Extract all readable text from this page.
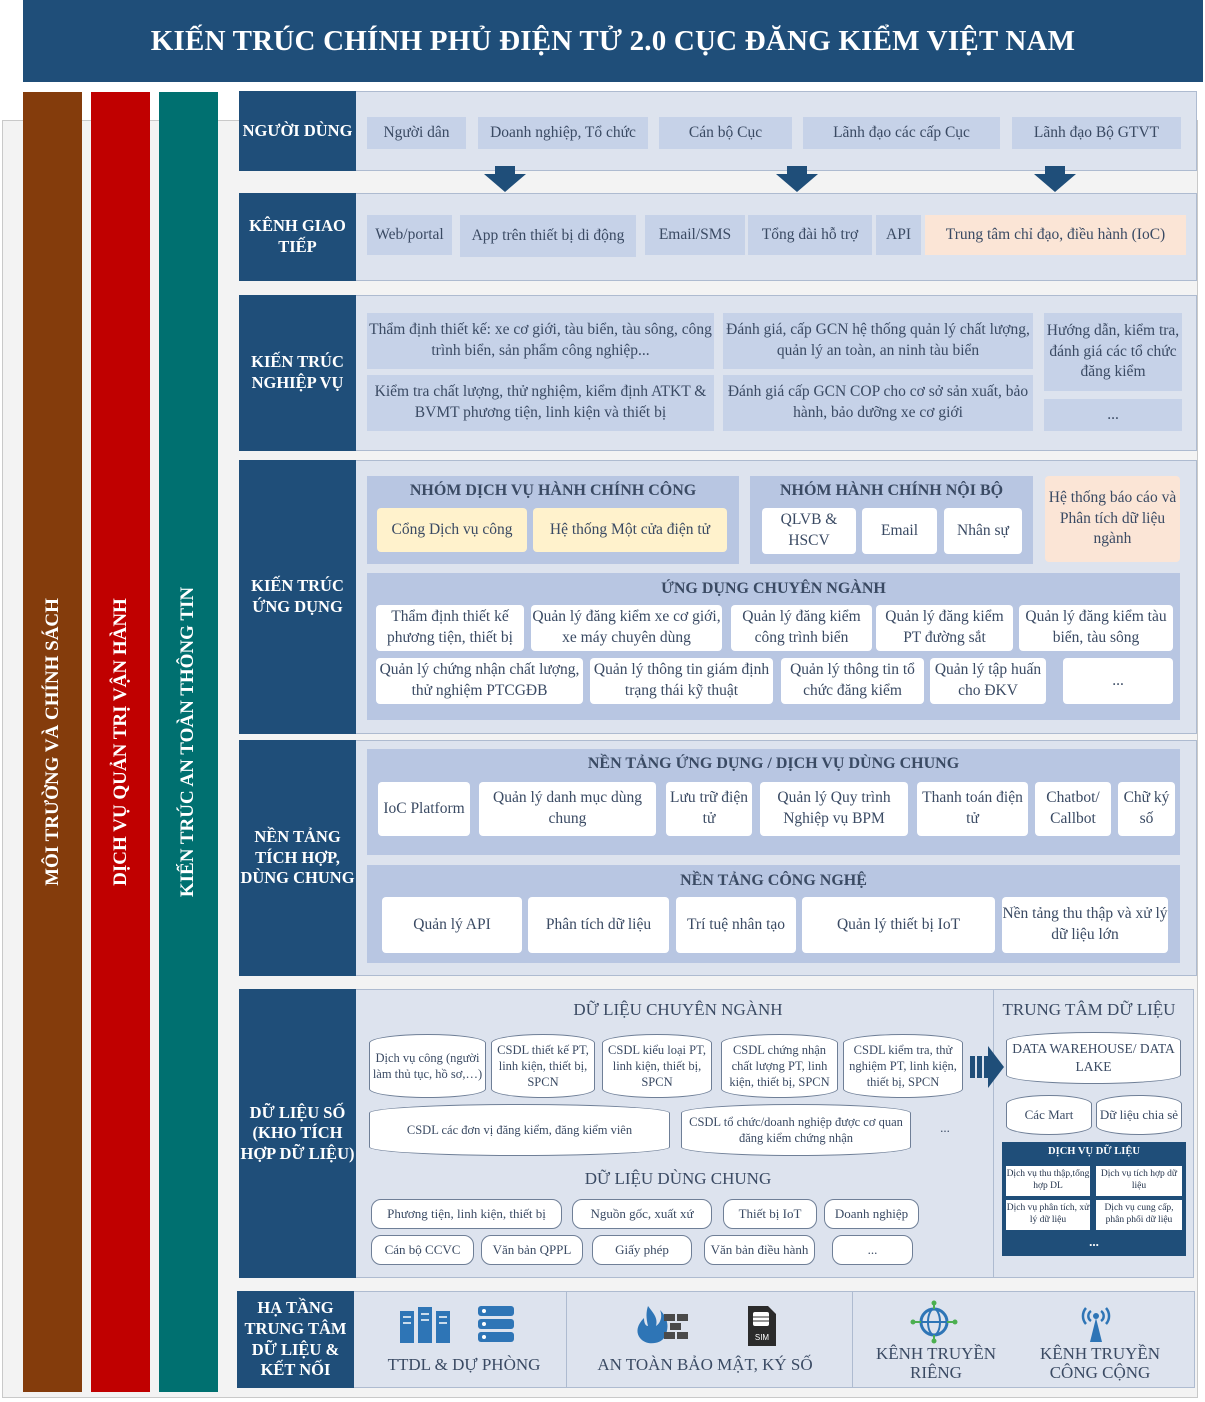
KIẾN TRÚC CHÍNH PHỦ ĐIỆN TỬ 2.0 CỤC ĐĂNG KIỂM VIỆT NAM
MÔI TRƯỜNG VÀ CHÍNH SÁCH DỊCH VỤ QUẢN TRỊ VẬN HÀNH KIẾN TRÚC AN TOÀN THÔNG TIN
NGƯỜI DÙNG	Người dân	Doanh nghiệp, Tổ chức	Cán bộ Cục	Lãnh đạo các cấp Cục	Lãnh đạo Bộ GTVT
KÊNH GIAO TIẾP
Web/portal	App trên thiết bị di động	Email/SMS	Tổng đài hỗ trợ	API	Trung tâm chỉ đạo, điều hành (IoC)
KIẾN TRÚC NGHIỆP VỤ
Thẩm định thiết kế: xe cơ giới, tàu biển, tàu sông, công trình biển, sản phẩm công nghiệp...
Đánh giá, cấp GCN hệ thống quản lý chất lượng, quản lý an toàn, an ninh tàu biển
Hướng dẫn, kiểm tra, đánh giá các tổ chức đăng kiểm
Kiểm tra chất lượng, thử nghiệm, kiểm định ATKT & BVMT phương tiện, linh kiện và thiết bị
Đánh giá cấp GCN COP cho cơ sở sản xuất, bảo hành, bảo dưỡng xe cơ giới	...
KIẾN TRÚC ỨNG DỤNG
NHÓM DỊCH VỤ HÀNH CHÍNH CÔNG
Cổng Dịch vụ công	Hệ thống Một cửa điện tử
NHÓM HÀNH CHÍNH NỘI BỘ
QLVB & HSCV
Email	Nhân sự
Hệ thống báo cáo và Phân tích dữ liệu ngành
ỨNG DỤNG CHUYÊN NGÀNH
Thẩm định thiết kế phương tiện, thiết bị
Quản lý đăng kiểm xe cơ giới, xe máy chuyên dùng
Quản lý đăng kiểm công trình biển
Quản lý đăng kiểm PT đường sắt
Quản lý đăng kiểm tàu biển, tàu sông
Quản lý chứng nhận chất lượng, thử nghiệm PTCGĐB
Quản lý thông tin giám định trạng thái kỹ thuật
Quản lý thông tin tổ chức đăng kiểm
Quản lý tập huấn cho ĐKV
...
NỀN TẢNG TÍCH HỢP, DÙNG CHUNG
NỀN TẢNG ỨNG DỤNG / DỊCH VỤ DÙNG CHUNG
IoC Platform
Quản lý danh mục dùng chung
Lưu trữ điện tử
Quản lý Quy trình Nghiệp vụ BPM
Thanh toán điện tử
Chatbot/ Callbot
Chữ ký số
NỀN TẢNG CÔNG NGHỆ
Quản lý API	Phân tích dữ liệu	Trí tuệ nhân tạo	Quản lý thiết bị IoT
Nền tảng thu thập và xử lý dữ liệu lớn
DỮ LIỆU SỐ (KHO TÍCH HỢP DỮ LIỆU)
DỮ LIỆU CHUYÊN NGÀNH
Dịch vụ công (người làm thủ tục, hồ sơ,…)
CSDL thiết kế PT, linh kiện, thiết bị, SPCN
CSDL kiểu loại PT, linh kiện, thiết bị, SPCN
CSDL chứng nhận chất lượng PT, linh kiện, thiết bị, SPCN
CSDL kiểm tra, thử nghiệm PT, linh kiện, thiết bị, SPCN
CSDL các đơn vị đăng kiểm, đăng kiểm viên
CSDL tổ chức/doanh nghiệp được cơ quan đăng kiểm chứng nhận
...
DỮ LIỆU DÙNG CHUNG
Phương tiện, linh kiện, thiết bị	Nguồn gốc, xuất xứ	Thiết bị IoT	Doanh nghiệp
Cán bộ CCVC	Văn bản QPPL	Giấy phép	Văn bản điều hành	...
TRUNG TÂM DỮ LIỆU
DATA WAREHOUSE/ DATA LAKE
Các Mart	Dữ liệu chia sẻ
DỊCH VỤ DỮ LIỆU
Dịch vụ thu thập,tổng hợp DL
Dịch vụ tích hợp dữ liệu
Dịch vụ phân tích, xử lý dữ liệu
Dịch vụ cung cấp, phân phối dữ liệu
...
HẠ TẦNG TRUNG TÂM DỮ LIỆU & KẾT NỐI	TTDL & DỰ PHÒNG
SIM
AN TOÀN BẢO MẬT, KÝ SỐ
KÊNH TRUYỀN RIÊNG
KÊNH TRUYỀN CÔNG CỘNG
